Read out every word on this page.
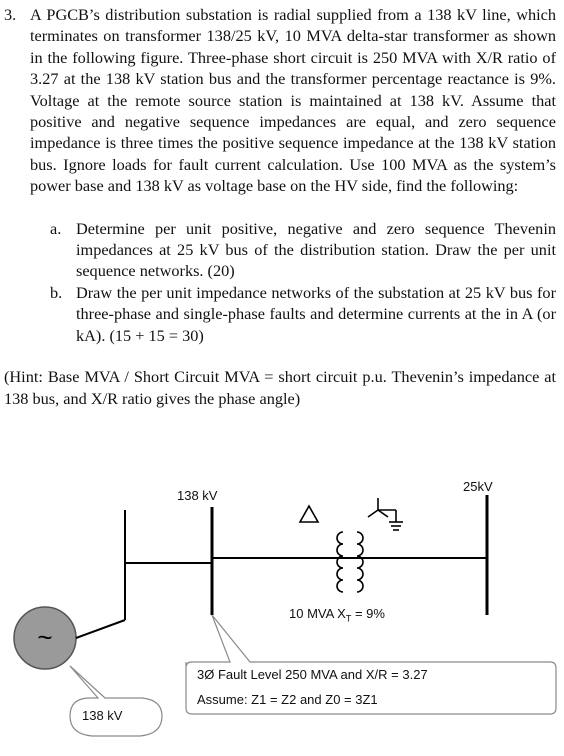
3. A PGCB’s distribution substation is radial supplied from a 138 kV line, which terminates on transformer 138/25 kV, 10 MVA delta-star transformer as shown in the following figure. Three-phase short circuit is 250 MVA with X/R ratio of 3.27 at the 138 kV station bus and the transformer percentage reactance is 9%. Voltage at the remote source station is maintained at 138 kV. Assume that positive and negative sequence impedances are equal, and zero sequence impedance is three times the positive sequence impedance at the 138 kV station bus. Ignore loads for fault current calculation. Use 100 MVA as the system’s power base and 138 kV as voltage base on the HV side, find the following:

a. Determine per unit positive, negative and zero sequence Thevenin impedances at 25 kV bus of the distribution station. Draw the per unit sequence networks. (20)
b. Draw the per unit impedance networks of the substation at 25 kV bus for three-phase and single-phase faults and determine currents at the in A (or kA). (15 + 15 = 30)
(Hint: Base MVA / Short Circuit MVA = short circuit p.u. Thevenin’s impedance at 138 bus, and X/R ratio gives the phase angle)
~
138 kV
25kV
10 MVA $X_T = 9\%$
3Ø Fault Level 250 MVA and X/R = 3.27
Assume: Z1 = Z2 and Z0 = 3Z1
138 kV
